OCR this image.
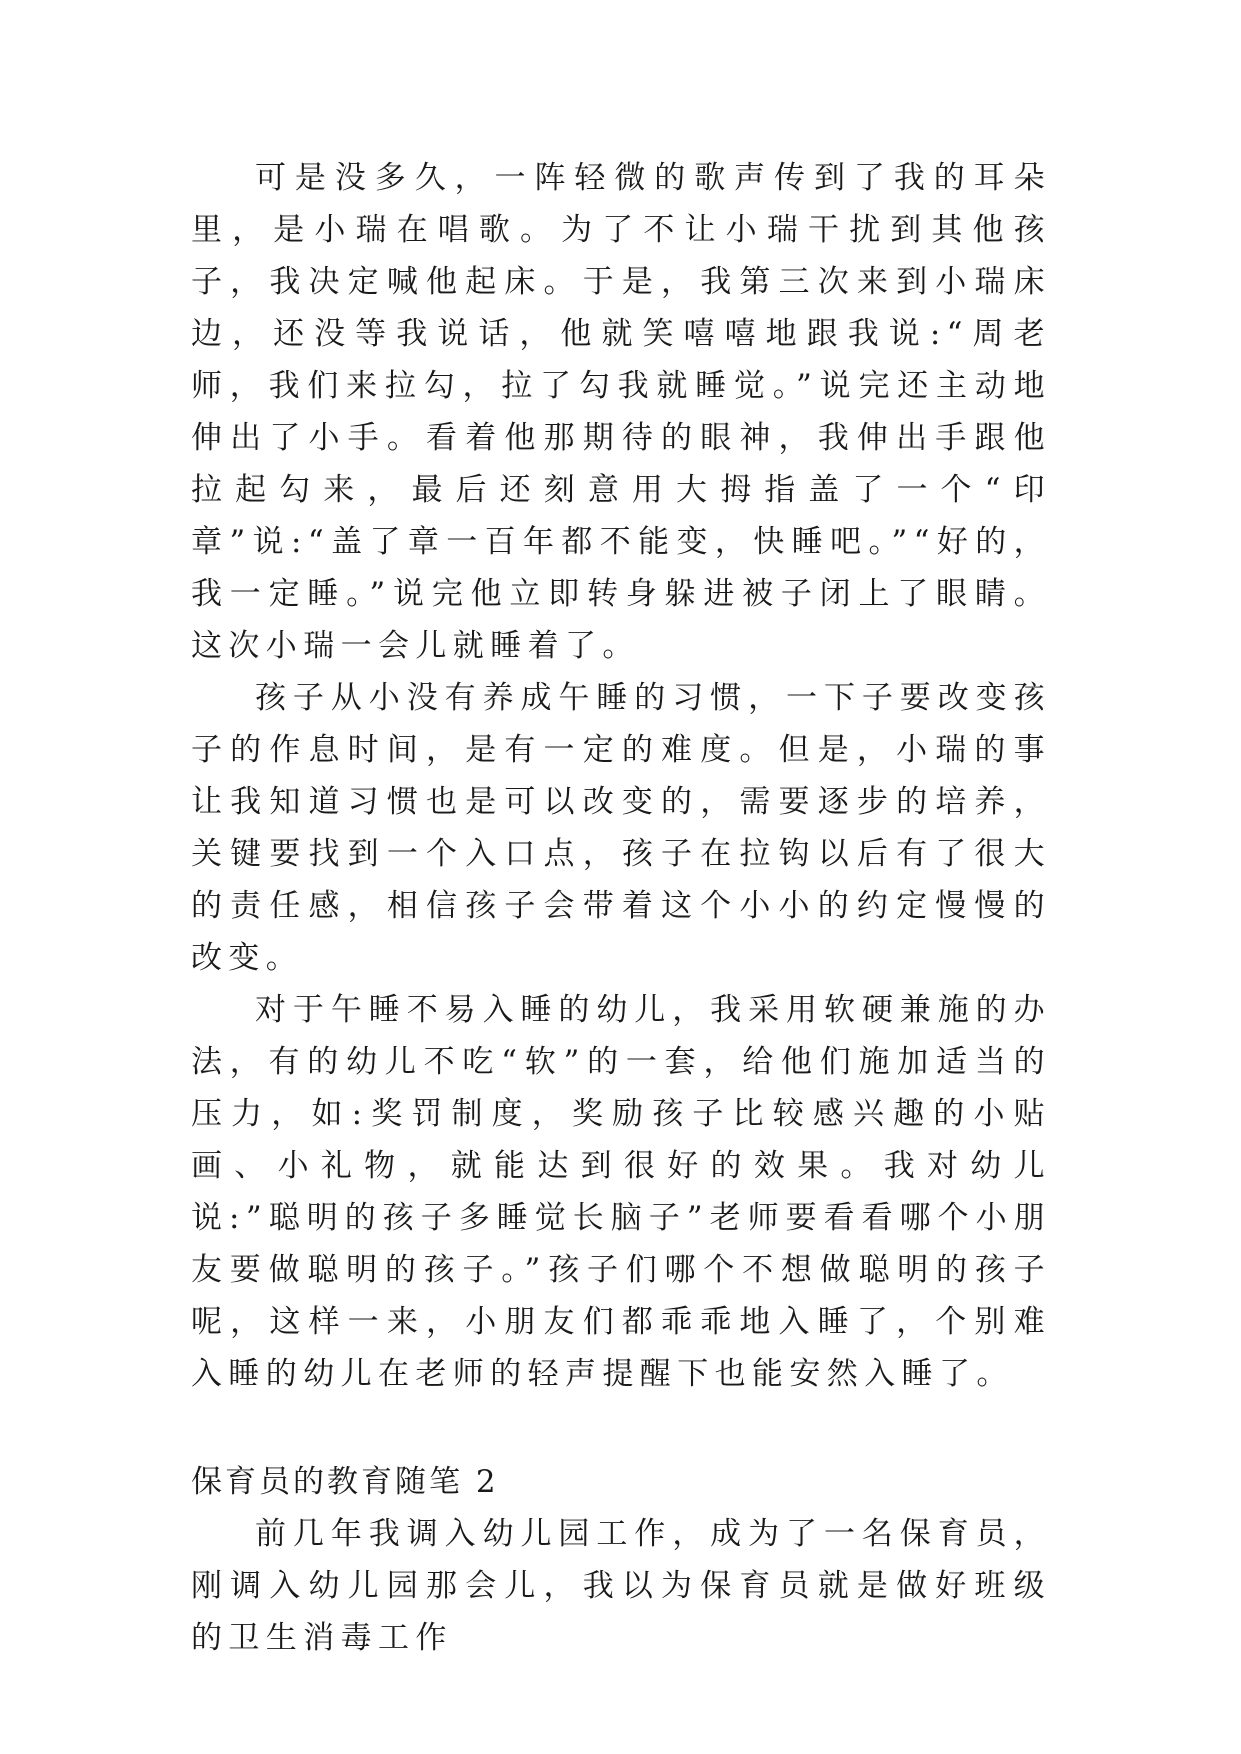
可是没多久，一阵轻微的歌声传到了我的耳朵里，是小瑞在唱歌。为了不让小瑞干扰到其他孩子，我决定喊他起床。于是，我第三次来到小瑞床边，还没等我说话，他就笑嘻嘻地跟我说:“周老师，我们来拉勾，拉了勾我就睡觉。”说完还主动地伸出了小手。看着他那期待的眼神，我伸出手跟他拉起勾来，最后还刻意用大拇指盖了一个“印章”说:“盖了章一百年都不能变，快睡吧。”“好的，我一定睡。”说完他立即转身躲进被子闭上了眼睛。这次小瑞一会儿就睡着了。

孩子从小没有养成午睡的习惯，一下子要改变孩子的作息时间，是有一定的难度。但是，小瑞的事让我知道习惯也是可以改变的，需要逐步的培养，关键要找到一个入口点，孩子在拉钩以后有了很大的责任感，相信孩子会带着这个小小的约定慢慢的改变。

对于午睡不易入睡的幼儿，我采用软硬兼施的办法，有的幼儿不吃“软”的一套，给他们施加适当的压力，如:奖罚制度，奖励孩子比较感兴趣的小贴画、小礼物，就能达到很好的效果。我对幼儿说:”聪明的孩子多睡觉长脑子”老师要看看哪个小朋友要做聪明的孩子。”孩子们哪个不想做聪明的孩子呢，这样一来，小朋友们都乖乖地入睡了，个别难入睡的幼儿在老师的轻声提醒下也能安然入睡了。

保育员的教育随笔 2

前几年我调入幼儿园工作，成为了一名保育员，刚调入幼儿园那会儿，我以为保育员就是做好班级的卫生消毒工作
